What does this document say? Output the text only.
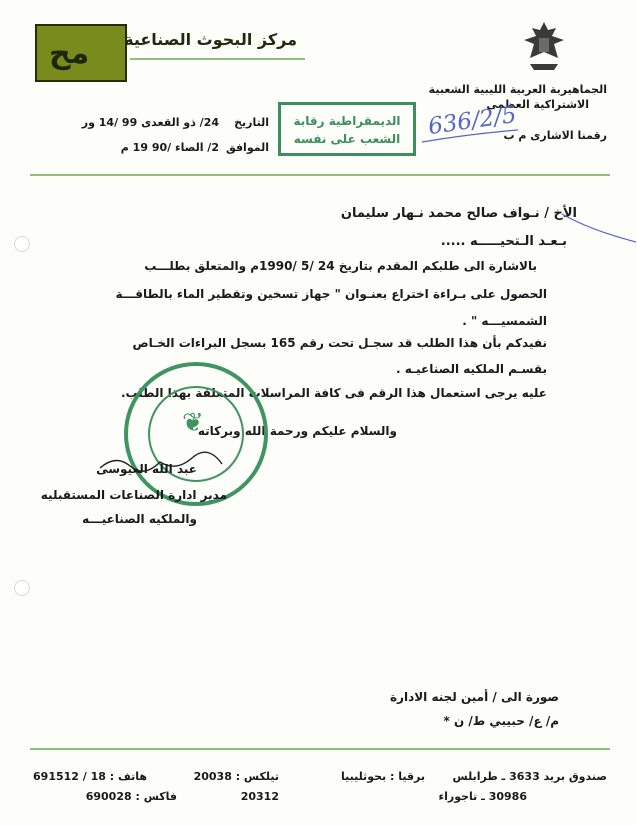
مح مركز البحوث الصناعية
الجماهيرية العربية الليبية الشعبية
الاشتراكية العظمى
التاريخ
24/ ذو القعدى 99 /14 ور
الموافق
2/ الصاء /90 19 م
الديمقراطية رقابة
الشعب على نفسه	636/2/5
رقمنا الاشارى م ب
الأخ / نـواف صالح محمد نـهار سليمان
بـعـد الـتحيـــــه .....
بالاشارة الى طلبكم المقدم بتاريخ 24 /5 /1990م والمتعلق بطلـــب
الحصول على بـراءة اختراع بعنـوان " جهاز تسخين وتقطير الماء بالطاقـــة
الشمسيـــه " .
نفيدكم بأن هذا الطلب قد سجـل تحت رقم 165 بسجل البراءات الخـاص
بقسـم الملكيه الصناعيـه .
عليه يرجى استعمال هذا الرقم فى كافة المراسلات المتعلقة بهذا الطلب.
والسلام عليكم ورحمة الله وبركاته
❦
عبد الله العيوسى
مدير ادارة الصناعات المستقبليه
والملكيه الصناعيـــه
صورة الى / أمين لجنه الادارة
م/ ع/ حبيبي ط/ ن *
صندوق بريد 3633 ـ طرابلس
برقيا : بحوثليبيا
تيلكس : 20038
هاتف : 18 / 691512
30986 ـ تاجوراء
20312
فاكس : 690028
